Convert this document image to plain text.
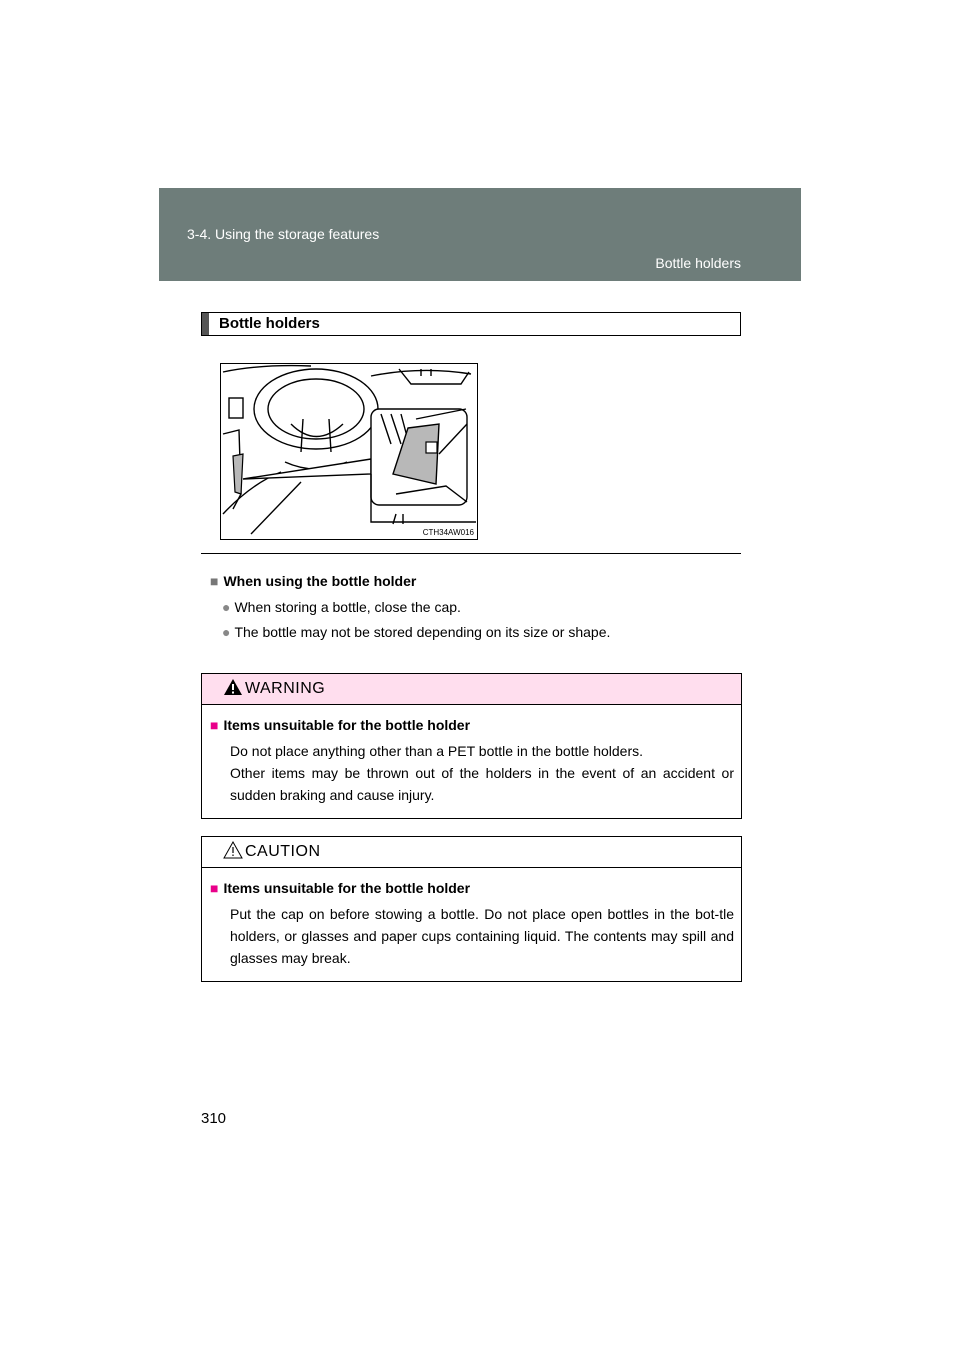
3-4. Using the storage features
Bottle holders
Bottle holders
CTH34AW016
■ When using the bottle holder
● When storing a bottle, close the cap.
● The bottle may not be stored depending on its size or shape.
WARNING
■ Items unsuitable for the bottle holder

Do not place anything other than a PET bottle in the bottle holders.

Other items may be thrown out of the holders in the event of an accident or sudden braking and cause injury.

CAUTION
■ Items unsuitable for the bottle holder

Put the cap on before stowing a bottle. Do not place open bottles in the bot-tle holders, or glasses and paper cups containing liquid. The contents may spill and glasses may break.

310
